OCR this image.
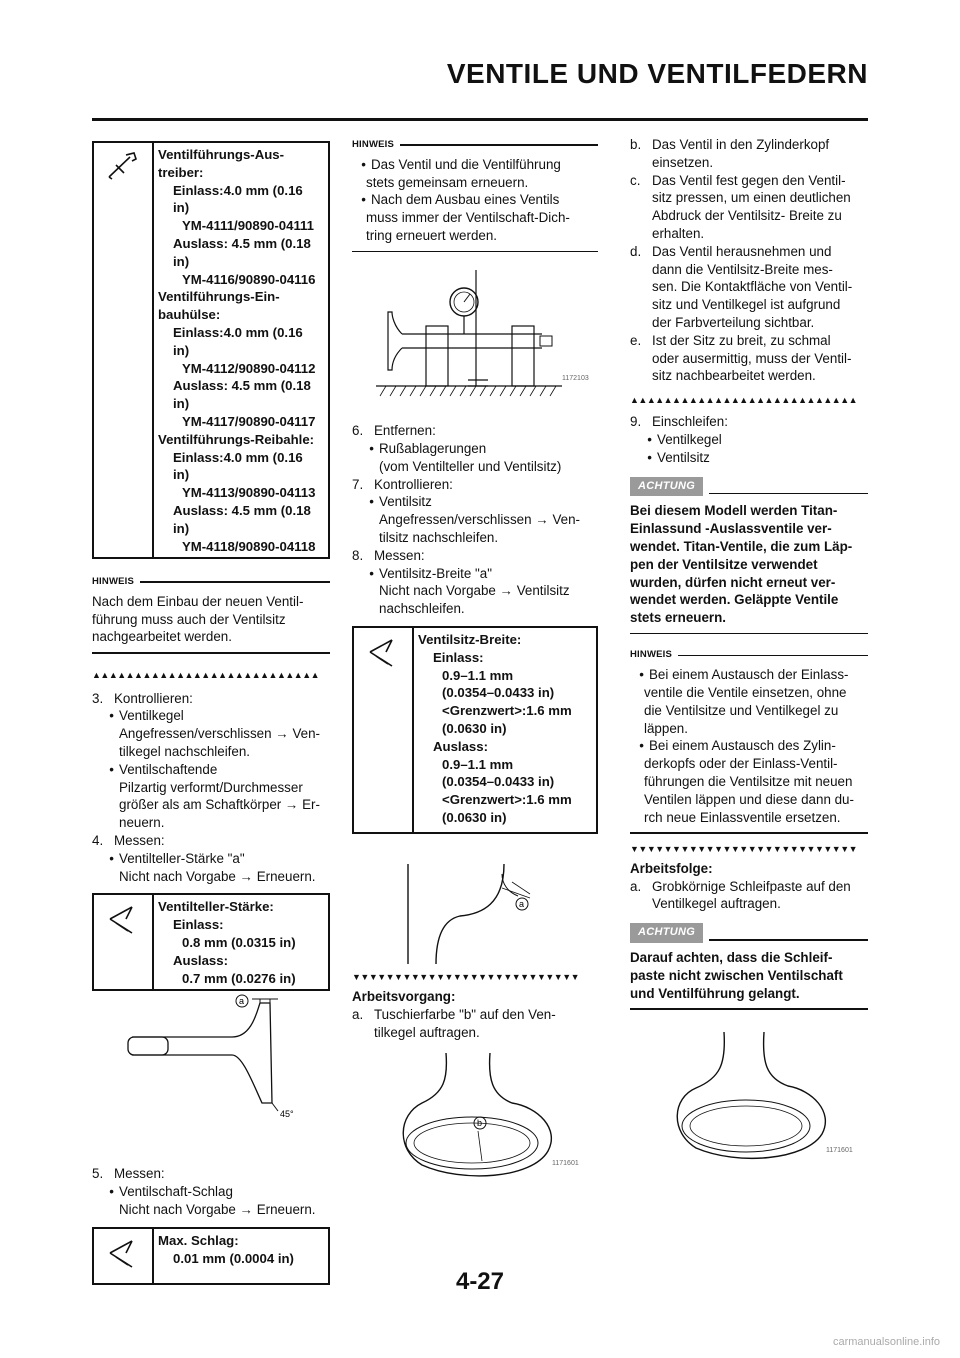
VENTILE UND VENTILFEDERN
Ventilführungs-Aus-
treiber:
Einlass:4.0 mm (0.16
in)
YM-4111/90890-04111
Auslass: 4.5 mm (0.18
in)
YM-4116/90890-04116
Ventilführungs-Ein-
bauhülse:
Einlass:4.0 mm (0.16
in)
YM-4112/90890-04112
Auslass: 4.5 mm (0.18
in)
YM-4117/90890-04117
Ventilführungs-Reibahle:
Einlass:4.0 mm (0.16
in)
YM-4113/90890-04113
Auslass: 4.5 mm (0.18
in)
YM-4118/90890-04118
HINWEIS

Nach dem Einbau der neuen Ventil-

führung muss auch der Ventilsitz

nachgearbeitet werden.

▲▲▲▲▲▲▲▲▲▲▲▲▲▲▲▲▲▲▲▲▲▲▲▲▲▲▲
3. Kontrollieren:
• Ventilkegel

Angefressen/verschlissen → Ven-

tilkegel nachschleifen.

• Ventilschaftende

Pilzartig verformt/Durchmesser

größer als am Schaftkörper → Er-

neuern.

4. Messen:
• Ventilteller-Stärke "a"

Nicht nach Vorgabe → Erneuern.

Ventilteller-Stärke:
Einlass:
0.8 mm (0.0315 in)
Auslass:
0.7 mm (0.0276 in)
a
45°
5. Messen:
• Ventilschaft-Schlag

Nicht nach Vorgabe → Erneuern.

Max. Schlag:
0.01 mm (0.0004 in)
HINWEIS
• Das Ventil und die Ventilführung

stets gemeinsam erneuern.

• Nach dem Ausbau eines Ventils

muss immer der Ventilschaft-Dich-

tring erneuert werden.

1172103
6. Entfernen:
• Rußablagerungen

(vom Ventilteller und Ventilsitz)

7. Kontrollieren:
• Ventilsitz

Angefressen/verschlissen → Ven-

tilsitz nachschleifen.

8. Messen:
• Ventilsitz-Breite "a"

Nicht nach Vorgabe → Ventilsitz

nachschleifen.

Ventilsitz-Breite:
Einlass:
0.9–1.1 mm
(0.0354–0.0433 in)
<Grenzwert>:1.6 mm
(0.0630 in)
Auslass:
0.9–1.1 mm
(0.0354–0.0433 in)
<Grenzwert>:1.6 mm
(0.0630 in)
a
▼▼▼▼▼▼▼▼▼▼▼▼▼▼▼▼▼▼▼▼▼▼▼▼▼▼▼

Arbeitsvorgang:

a. Tuschierfarbe "b" auf den Ven-

tilkegel auftragen.

b
1171601
b. Das Ventil in den Zylinderkopf

einsetzen.

c. Das Ventil fest gegen den Ventil-

sitz pressen, um einen deutlichen

Abdruck der Ventilsitz- Breite zu

erhalten.

d. Das Ventil herausnehmen und

dann die Ventilsitz-Breite mes-

sen. Die Kontaktfläche von Ventil-

sitz und Ventilkegel ist aufgrund

der Farbverteilung sichtbar.

e. Ist der Sitz zu breit, zu schmal

oder ausermittig, muss der Ventil-

sitz nachbearbeitet werden.

▲▲▲▲▲▲▲▲▲▲▲▲▲▲▲▲▲▲▲▲▲▲▲▲▲▲▲
9. Einschleifen:
• Ventilkegel
• Ventilsitz
ACHTUNG

Bei diesem Modell werden Titan-

Einlassund -Auslassventile ver-

wendet. Titan-Ventile, die zum Läp-

pen der Ventilsitze verwendet

wurden, dürfen nicht erneut ver-

wendet werden. Geläppte Ventile

stets erneuern.

HINWEIS
• Bei einem Austausch der Einlass-

ventile die Ventile einsetzen, ohne

die Ventilsitze und Ventilkegel zu

läppen.

• Bei einem Austausch des Zylin-

derkopfs oder der Einlass-Ventil-

führungen die Ventilsitze mit neuen

Ventilen läppen und diese dann du-

rch neue Einlassventile ersetzen.

▼▼▼▼▼▼▼▼▼▼▼▼▼▼▼▼▼▼▼▼▼▼▼▼▼▼▼

Arbeitsfolge:

a. Grobkörnige Schleifpaste auf den

Ventilkegel auftragen.

ACHTUNG

Darauf achten, dass die Schleif-

paste nicht zwischen Ventilschaft

und Ventilführung gelangt.

1171601
4-27
carmanualsonline.info
